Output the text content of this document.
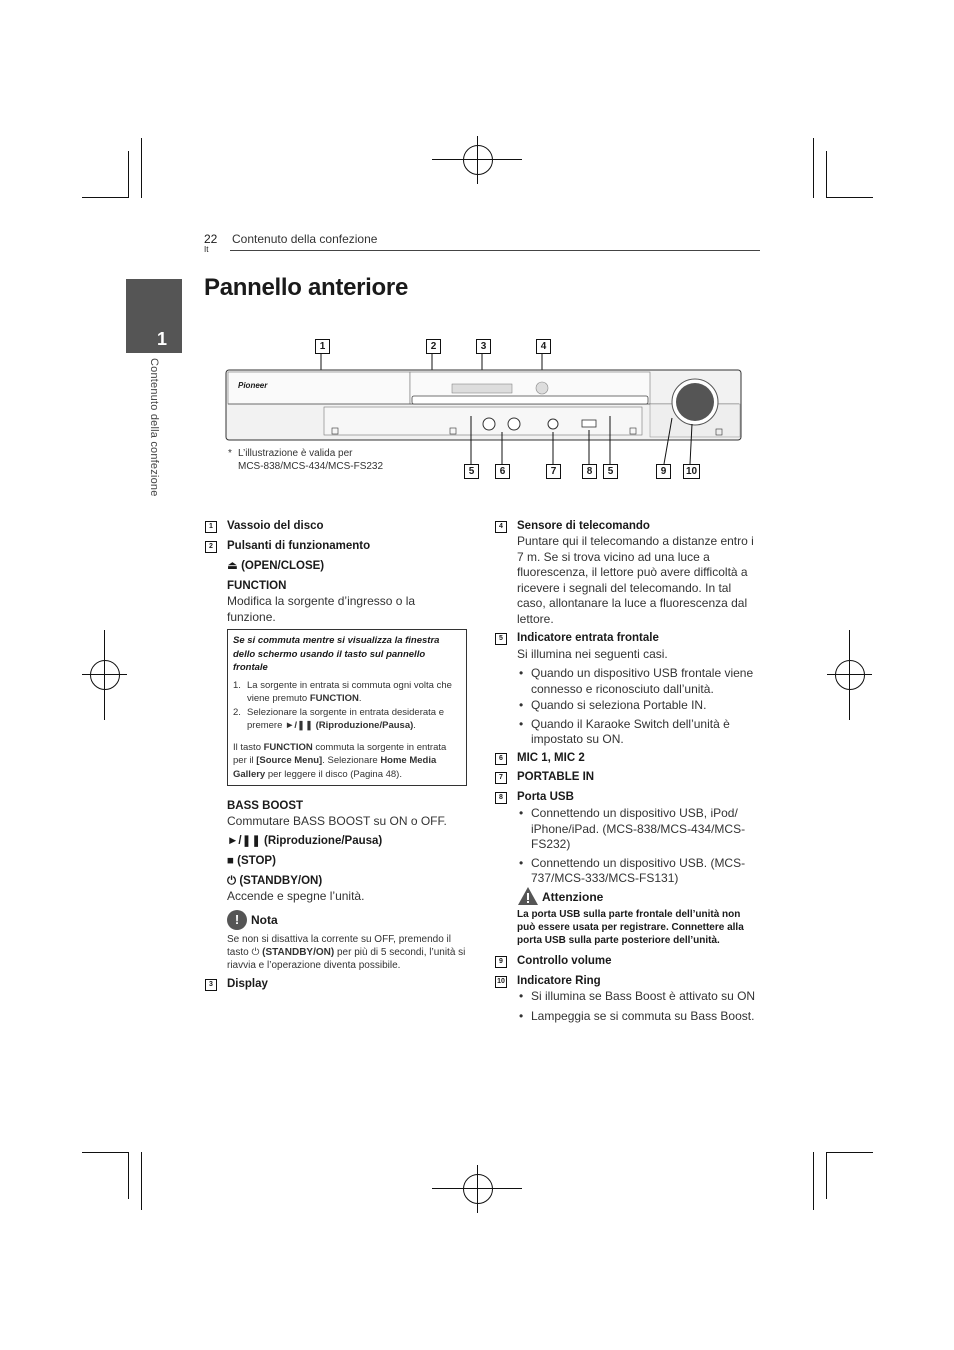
22
It
Contenuto della confezione
1
Contenuto della confezione
Pannello anteriore
1	2	3	4
Pioneer
5	6	7	8	5	9	10
* L’illustrazione è valida per
MCS-838/MCS-434/MCS-FS232
1	Vassoio del disco
2	Pulsanti di funzionamento
⏏ (OPEN/CLOSE)
FUNCTION
Modifica la sorgente d’ingresso o la funzione.
Se si commuta mentre si visualizza la finestra dello schermo usando il tasto sul pannello frontale
1. La sorgente in entrata si commuta ogni volta che viene premuto FUNCTION.
2. Selezionare la sorgente in entrata desiderata e premere ►/❚❚ (Riproduzione/Pausa).
Il tasto FUNCTION commuta la sorgente in entrata per il [Source Menu]. Selezionare Home Media Gallery per leggere il disco (Pagina 48).
BASS BOOST
Commutare BASS BOOST su ON o OFF.
►/❚❚ (Riproduzione/Pausa)
■ (STOP)
⏻ (STANDBY/ON)
Accende e spegne l’unità.
! Nota
Se non si disattiva la corrente su OFF, premendo il tasto ⏻ (STANDBY/ON) per più di 5 secondi, l’unità si riavvia e l’operazione diventa possibile.
3	Display
4	Sensore di telecomando
Puntare qui il telecomando a distanze entro i 7 m. Se si trova vicino ad una luce a fluorescenza, il lettore può avere difficoltà a ricevere i segnali del telecomando. In tal caso, allontanare la luce a fluorescenza dal lettore.
5	Indicatore entrata frontale
Si illumina nei seguenti casi.
• Quando un dispositivo USB frontale viene connesso e riconosciuto dall’unità.
• Quando si seleziona Portable IN.
• Quando il Karaoke Switch dell’unità è impostato su ON.
6	MIC 1, MIC 2
7	PORTABLE IN
8	Porta USB
• Connettendo un dispositivo USB, iPod/ iPhone/iPad. (MCS-838/MCS-434/MCS-FS232)
• Connettendo un dispositivo USB. (MCS-737/MCS-333/MCS-FS131)
Attenzione
La porta USB sulla parte frontale dell’unità non può essere usata per registrare. Connettere alla porta USB sulla parte posteriore dell’unità.
9	Controllo volume
10 Indicatore Ring
• Si illumina se Bass Boost è attivato su ON
• Lampeggia se si commuta su Bass Boost.
